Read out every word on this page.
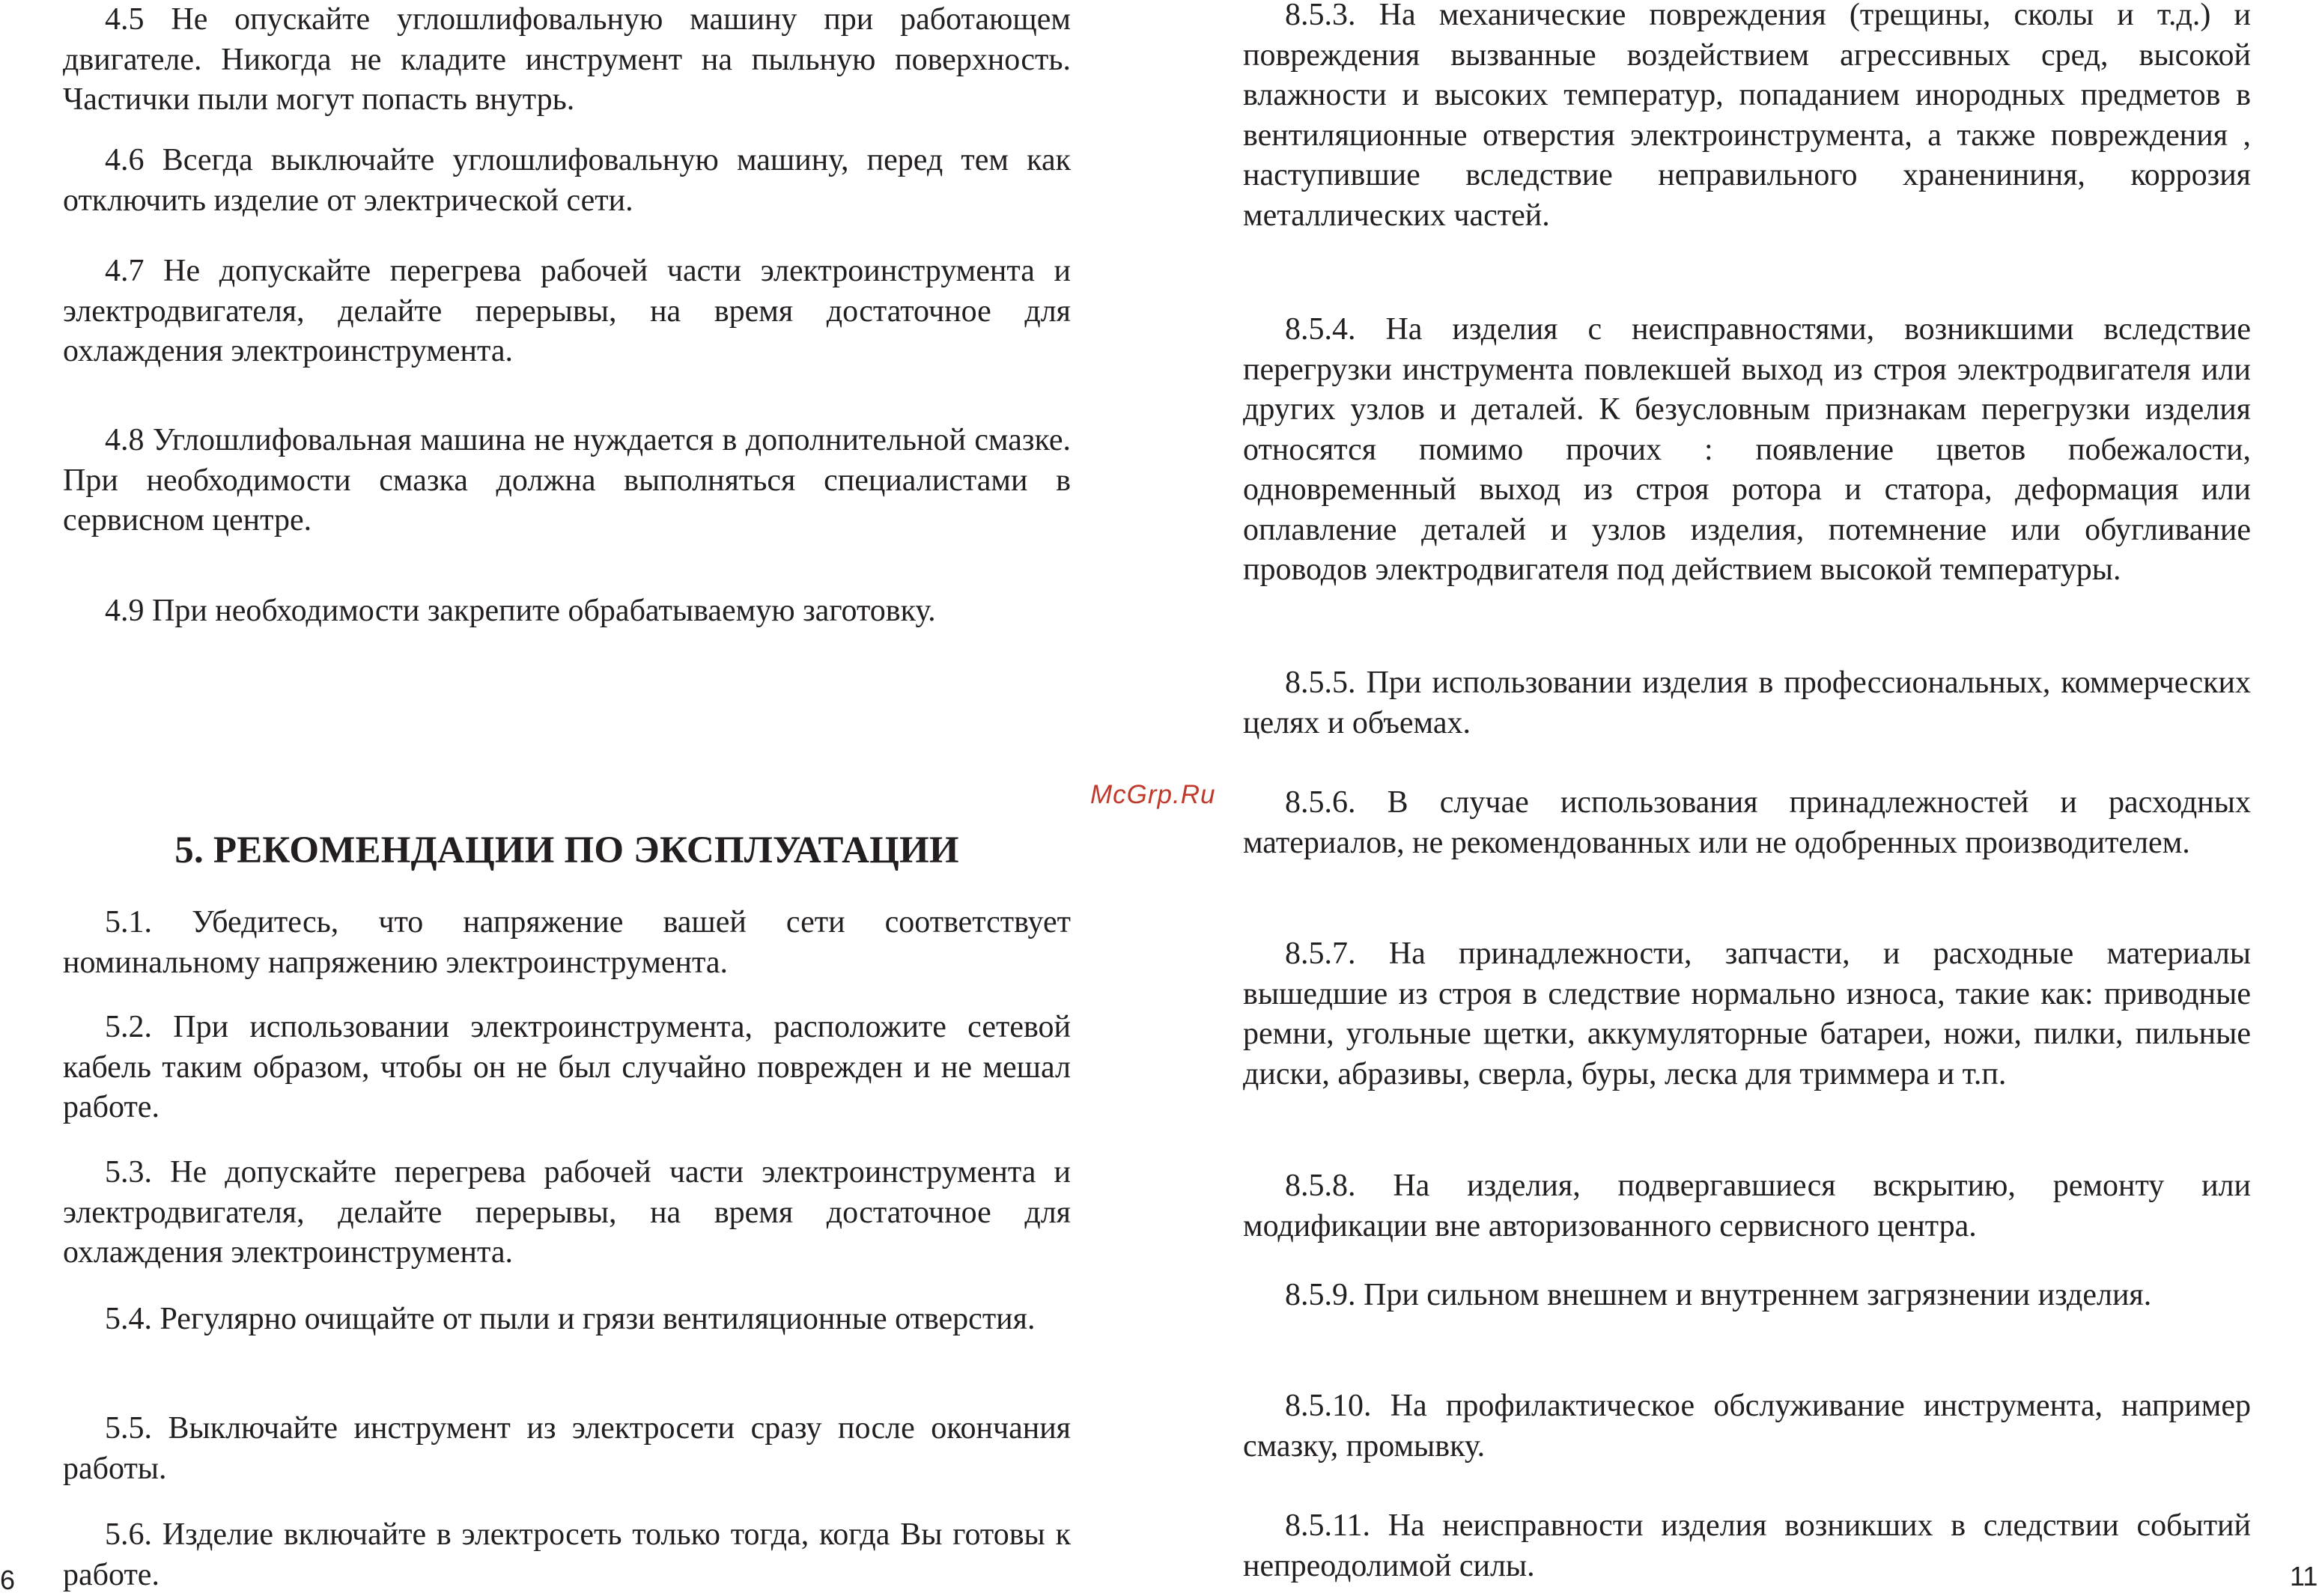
4.5 Не опускайте углошлифовальную машину при работающем двигателе. Никогда не кладите инструмент на пыльную поверхность. Частички пыли могут попасть внутрь.

4.6 Всегда выключайте углошлифовальную машину, перед тем как отключить изделие от электрической сети.

4.7 Не допускайте перегрева рабочей части электроинструмента и электродвигателя, делайте перерывы, на время достаточное для охлаждения электроинструмента.

4.8 Углошлифовальная машина не нуждается в дополнительной смазке. При необходимости смазка должна выполняться специалистами в сервисном центре.

4.9 При необходимости закрепите обрабатываемую заготовку.

5. РЕКОМЕНДАЦИИ ПО ЭКСПЛУАТАЦИИ

5.1. Убедитесь, что напряжение вашей сети соответствует номинальному напряжению электроинструмента.

5.2. При использовании электроинструмента, расположите сетевой кабель таким образом, чтобы он не был случайно поврежден и не мешал работе.

5.3. Не допускайте перегрева рабочей части электроинструмента и электродвигателя, делайте перерывы, на время достаточное для охлаждения электроинструмента.

5.4. Регулярно очищайте от пыли и грязи вентиляционные отверстия.

5.5. Выключайте инструмент из электросети сразу после окончания работы.

5.6. Изделие включайте в электросеть только тогда, когда Вы готовы к работе.

6
McGrp.Ru

8.5.3. На механические повреждения (трещины, сколы и т.д.) и повреждения вызванные воздействием агрессивных сред, высокой влажности и высоких температур, попаданием инородных предметов в вентиляционные отверстия электроинструмента, а также повреждения , наступившие вследствие неправильного храненининя, коррозия металлических частей.

8.5.4. На изделия с неисправностями, возникшими вследствие перегрузки инструмента повлекшей выход из строя электродвигателя или других узлов и деталей. К безусловным признакам перегрузки изделия относятся помимо прочих : появление цветов побежалости, одновременный выход из строя ротора и статора, деформация или оплавление деталей и узлов изделия, потемнение или обугливание проводов электродвигателя под действием высокой температуры.

8.5.5. При использовании изделия в профессиональных, коммерческих целях и объемах.

8.5.6. В случае использования принадлежностей и расходных материалов, не рекомендованных или не одобренных производителем.

8.5.7. На принадлежности, запчасти, и расходные материалы вышедшие из строя в следствие нормально износа, такие как: приводные ремни, угольные щетки, аккумуляторные батареи, ножи, пилки, пильные диски, абразивы, сверла, буры, леска для триммера и т.п.

8.5.8. На изделия, подвергавшиеся вскрытию, ремонту или модификации вне авторизованного сервисного центра.

8.5.9. При сильном внешнем и внутреннем загрязнении изделия.

8.5.10. На профилактическое обслуживание инструмента, например смазку, промывку.

8.5.11. На неисправности изделия возникших в следствии событий непреодолимой силы.	11
